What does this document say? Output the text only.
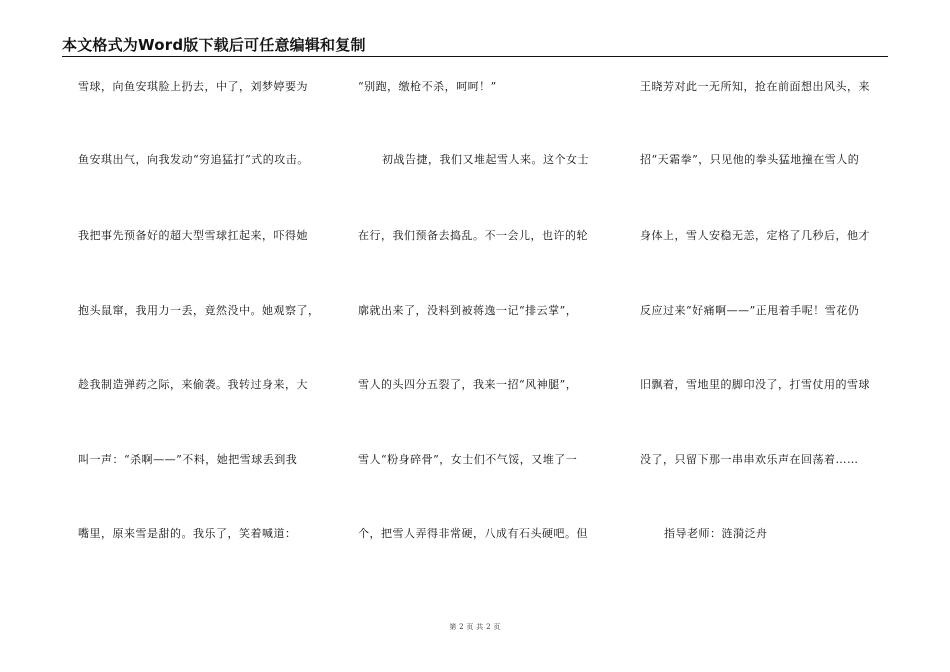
本文格式为Word版下载后可任意编辑和复制
雪球，向鱼安琪脸上扔去，中了，刘梦婷要为
鱼安琪出气，向我发动“穷追猛打”式的攻击。
我把事先预备好的超大型雪球扛起来，吓得她
抱头鼠窜，我用力一丢，竟然没中。她观察了，
趁我制造弹药之际，来偷袭。我转过身来，大
叫一声：“杀啊——”不料，她把雪球丢到我
嘴里，原来雪是甜的。我乐了，笑着喊道：
“别跑，缴枪不杀，呵呵！”
初战告捷，我们又堆起雪人来。这个女士
在行，我们预备去捣乱。不一会儿，也许的轮
廓就出来了，没料到被蒋逸一记“排云掌”，
雪人的头四分五裂了，我来一招“风神腿”，
雪人“粉身碎骨”，女士们不气馁，又堆了一
个，把雪人弄得非常硬，八成有石头硬吧。但
王晓芳对此一无所知，抢在前面想出风头，来
招“天霜拳”，只见他的拳头猛地撞在雪人的
身体上，雪人安稳无恙，定格了几秒后，他才
反应过来“好痛啊——”正甩着手呢！雪花仍
旧飘着，雪地里的脚印没了，打雪仗用的雪球
没了，只留下那一串串欢乐声在回荡着……
指导老师：涟漪泛舟
第 2 页 共 2 页
